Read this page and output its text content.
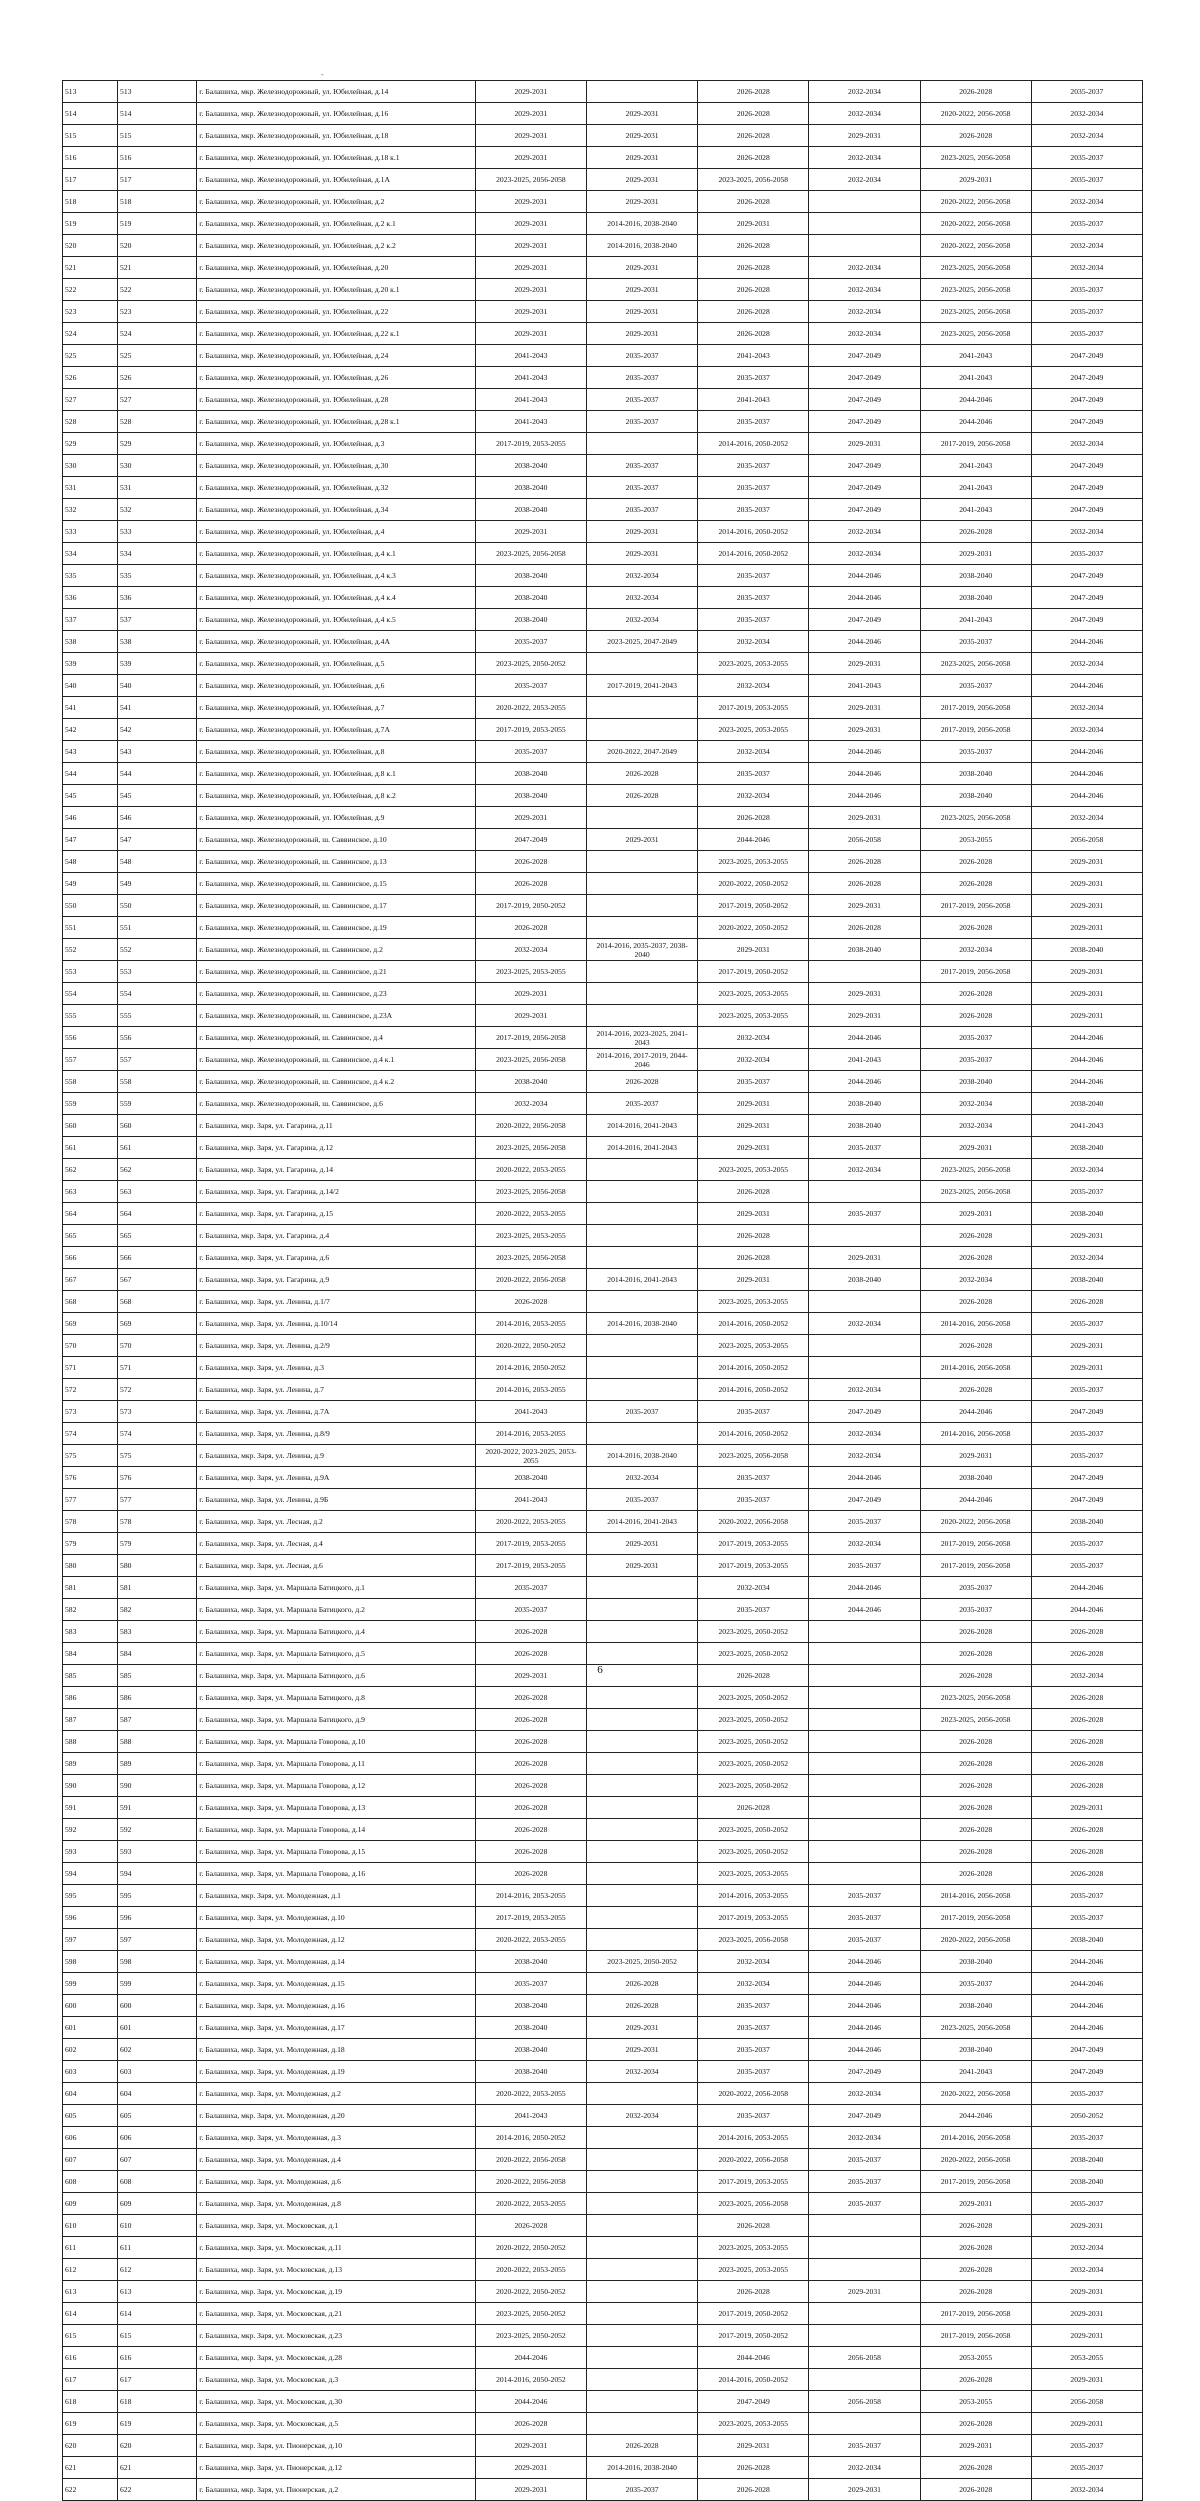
-
513	513	г. Балашиха, мкр. Железнодорожный, ул. Юбилейная, д.14	2029-2031		2026-2028	2032-2034	2026-2028	2035-2037
514	514	г. Балашиха, мкр. Железнодорожный, ул. Юбилейная, д.16	2029-2031	2029-2031	2026-2028	2032-2034	2020-2022, 2056-2058	2032-2034
515	515	г. Балашиха, мкр. Железнодорожный, ул. Юбилейная, д.18	2029-2031	2029-2031	2026-2028	2029-2031	2026-2028	2032-2034
516	516	г. Балашиха, мкр. Железнодорожный, ул. Юбилейная, д.18 к.1	2029-2031	2029-2031	2026-2028	2032-2034	2023-2025, 2056-2058	2035-2037
517	517	г. Балашиха, мкр. Железнодорожный, ул. Юбилейная, д.1А	2023-2025, 2056-2058	2029-2031	2023-2025, 2056-2058	2032-2034	2029-2031	2035-2037
518	518	г. Балашиха, мкр. Железнодорожный, ул. Юбилейная, д.2	2029-2031	2029-2031	2026-2028		2020-2022, 2056-2058	2032-2034
519	519	г. Балашиха, мкр. Железнодорожный, ул. Юбилейная, д.2 к.1	2029-2031	2014-2016, 2038-2040	2029-2031		2020-2022, 2056-2058	2035-2037
520	520	г. Балашиха, мкр. Железнодорожный, ул. Юбилейная, д.2 к.2	2029-2031	2014-2016, 2038-2040	2026-2028		2020-2022, 2056-2058	2032-2034
521	521	г. Балашиха, мкр. Железнодорожный, ул. Юбилейная, д.20	2029-2031	2029-2031	2026-2028	2032-2034	2023-2025, 2056-2058	2032-2034
522	522	г. Балашиха, мкр. Железнодорожный, ул. Юбилейная, д.20 к.1	2029-2031	2029-2031	2026-2028	2032-2034	2023-2025, 2056-2058	2035-2037
523	523	г. Балашиха, мкр. Железнодорожный, ул. Юбилейная, д.22	2029-2031	2029-2031	2026-2028	2032-2034	2023-2025, 2056-2058	2035-2037
524	524	г. Балашиха, мкр. Железнодорожный, ул. Юбилейная, д.22 к.1	2029-2031	2029-2031	2026-2028	2032-2034	2023-2025, 2056-2058	2035-2037
525	525	г. Балашиха, мкр. Железнодорожный, ул. Юбилейная, д.24	2041-2043	2035-2037	2041-2043	2047-2049	2041-2043	2047-2049
526	526	г. Балашиха, мкр. Железнодорожный, ул. Юбилейная, д.26	2041-2043	2035-2037	2035-2037	2047-2049	2041-2043	2047-2049
527	527	г. Балашиха, мкр. Железнодорожный, ул. Юбилейная, д.28	2041-2043	2035-2037	2041-2043	2047-2049	2044-2046	2047-2049
528	528	г. Балашиха, мкр. Железнодорожный, ул. Юбилейная, д.28 к.1	2041-2043	2035-2037	2035-2037	2047-2049	2044-2046	2047-2049
529	529	г. Балашиха, мкр. Железнодорожный, ул. Юбилейная, д.3	2017-2019, 2053-2055		2014-2016, 2050-2052	2029-2031	2017-2019, 2056-2058	2032-2034
530	530	г. Балашиха, мкр. Железнодорожный, ул. Юбилейная, д.30	2038-2040	2035-2037	2035-2037	2047-2049	2041-2043	2047-2049
531	531	г. Балашиха, мкр. Железнодорожный, ул. Юбилейная, д.32	2038-2040	2035-2037	2035-2037	2047-2049	2041-2043	2047-2049
532	532	г. Балашиха, мкр. Железнодорожный, ул. Юбилейная, д.34	2038-2040	2035-2037	2035-2037	2047-2049	2041-2043	2047-2049
533	533	г. Балашиха, мкр. Железнодорожный, ул. Юбилейная, д.4	2029-2031	2029-2031	2014-2016, 2050-2052	2032-2034	2026-2028	2032-2034
534	534	г. Балашиха, мкр. Железнодорожный, ул. Юбилейная, д.4 к.1	2023-2025, 2056-2058	2029-2031	2014-2016, 2050-2052	2032-2034	2029-2031	2035-2037
535	535	г. Балашиха, мкр. Железнодорожный, ул. Юбилейная, д.4 к.3	2038-2040	2032-2034	2035-2037	2044-2046	2038-2040	2047-2049
536	536	г. Балашиха, мкр. Железнодорожный, ул. Юбилейная, д.4 к.4	2038-2040	2032-2034	2035-2037	2044-2046	2038-2040	2047-2049
537	537	г. Балашиха, мкр. Железнодорожный, ул. Юбилейная, д.4 к.5	2038-2040	2032-2034	2035-2037	2047-2049	2041-2043	2047-2049
538	538	г. Балашиха, мкр. Железнодорожный, ул. Юбилейная, д.4А	2035-2037	2023-2025, 2047-2049	2032-2034	2044-2046	2035-2037	2044-2046
539	539	г. Балашиха, мкр. Железнодорожный, ул. Юбилейная, д.5	2023-2025, 2050-2052		2023-2025, 2053-2055	2029-2031	2023-2025, 2056-2058	2032-2034
540	540	г. Балашиха, мкр. Железнодорожный, ул. Юбилейная, д.6	2035-2037	2017-2019, 2041-2043	2032-2034	2041-2043	2035-2037	2044-2046
541	541	г. Балашиха, мкр. Железнодорожный, ул. Юбилейная, д.7	2020-2022, 2053-2055		2017-2019, 2053-2055	2029-2031	2017-2019, 2056-2058	2032-2034
542	542	г. Балашиха, мкр. Железнодорожный, ул. Юбилейная, д.7А	2017-2019, 2053-2055		2023-2025, 2053-2055	2029-2031	2017-2019, 2056-2058	2032-2034
543	543	г. Балашиха, мкр. Железнодорожный, ул. Юбилейная, д.8	2035-2037	2020-2022, 2047-2049	2032-2034	2044-2046	2035-2037	2044-2046
544	544	г. Балашиха, мкр. Железнодорожный, ул. Юбилейная, д.8 к.1	2038-2040	2026-2028	2035-2037	2044-2046	2038-2040	2044-2046
545	545	г. Балашиха, мкр. Железнодорожный, ул. Юбилейная, д.8 к.2	2038-2040	2026-2028	2032-2034	2044-2046	2038-2040	2044-2046
546	546	г. Балашиха, мкр. Железнодорожный, ул. Юбилейная, д.9	2029-2031		2026-2028	2029-2031	2023-2025, 2056-2058	2032-2034
547	547	г. Балашиха, мкр. Железнодорожный, ш. Саввинское, д.10	2047-2049	2029-2031	2044-2046	2056-2058	2053-2055	2056-2058
548	548	г. Балашиха, мкр. Железнодорожный, ш. Саввинское, д.13	2026-2028		2023-2025, 2053-2055	2026-2028	2026-2028	2029-2031
549	549	г. Балашиха, мкр. Железнодорожный, ш. Саввинское, д.15	2026-2028		2020-2022, 2050-2052	2026-2028	2026-2028	2029-2031
550	550	г. Балашиха, мкр. Железнодорожный, ш. Саввинское, д.17	2017-2019, 2050-2052		2017-2019, 2050-2052	2029-2031	2017-2019, 2056-2058	2029-2031
551	551	г. Балашиха, мкр. Железнодорожный, ш. Саввинское, д.19	2026-2028		2020-2022, 2050-2052	2026-2028	2026-2028	2029-2031
552	552	г. Балашиха, мкр. Железнодорожный, ш. Саввинское, д.2	2032-2034	2014-2016, 2035-2037, 2038-2040	2029-2031	2038-2040	2032-2034	2038-2040
553	553	г. Балашиха, мкр. Железнодорожный, ш. Саввинское, д.21	2023-2025, 2053-2055		2017-2019, 2050-2052		2017-2019, 2056-2058	2029-2031
554	554	г. Балашиха, мкр. Железнодорожный, ш. Саввинское, д.23	2029-2031		2023-2025, 2053-2055	2029-2031	2026-2028	2029-2031
555	555	г. Балашиха, мкр. Железнодорожный, ш. Саввинское, д.23А	2029-2031		2023-2025, 2053-2055	2029-2031	2026-2028	2029-2031
556	556	г. Балашиха, мкр. Железнодорожный, ш. Саввинское, д.4	2017-2019, 2056-2058	2014-2016, 2023-2025, 2041-2043	2032-2034	2044-2046	2035-2037	2044-2046
557	557	г. Балашиха, мкр. Железнодорожный, ш. Саввинское, д.4 к.1	2023-2025, 2056-2058	2014-2016, 2017-2019, 2044-2046	2032-2034	2041-2043	2035-2037	2044-2046
558	558	г. Балашиха, мкр. Железнодорожный, ш. Саввинское, д.4 к.2	2038-2040	2026-2028	2035-2037	2044-2046	2038-2040	2044-2046
559	559	г. Балашиха, мкр. Железнодорожный, ш. Саввинское, д.6	2032-2034	2035-2037	2029-2031	2038-2040	2032-2034	2038-2040
560	560	г. Балашиха, мкр. Заря, ул. Гагарина, д.11	2020-2022, 2056-2058	2014-2016, 2041-2043	2029-2031	2038-2040	2032-2034	2041-2043
561	561	г. Балашиха, мкр. Заря, ул. Гагарина, д.12	2023-2025, 2056-2058	2014-2016, 2041-2043	2029-2031	2035-2037	2029-2031	2038-2040
562	562	г. Балашиха, мкр. Заря, ул. Гагарина, д.14	2020-2022, 2053-2055		2023-2025, 2053-2055	2032-2034	2023-2025, 2056-2058	2032-2034
563	563	г. Балашиха, мкр. Заря, ул. Гагарина, д.14/2	2023-2025, 2056-2058		2026-2028		2023-2025, 2056-2058	2035-2037
564	564	г. Балашиха, мкр. Заря, ул. Гагарина, д.15	2020-2022, 2053-2055		2029-2031	2035-2037	2029-2031	2038-2040
565	565	г. Балашиха, мкр. Заря, ул. Гагарина, д.4	2023-2025, 2053-2055		2026-2028		2026-2028	2029-2031
566	566	г. Балашиха, мкр. Заря, ул. Гагарина, д.6	2023-2025, 2056-2058		2026-2028	2029-2031	2026-2028	2032-2034
567	567	г. Балашиха, мкр. Заря, ул. Гагарина, д.9	2020-2022, 2056-2058	2014-2016, 2041-2043	2029-2031	2038-2040	2032-2034	2038-2040
568	568	г. Балашиха, мкр. Заря, ул. Ленина, д.1/7	2026-2028		2023-2025, 2053-2055		2026-2028	2026-2028
569	569	г. Балашиха, мкр. Заря, ул. Ленина, д.10/14	2014-2016, 2053-2055	2014-2016, 2038-2040	2014-2016, 2050-2052	2032-2034	2014-2016, 2056-2058	2035-2037
570	570	г. Балашиха, мкр. Заря, ул. Ленина, д.2/9	2020-2022, 2050-2052		2023-2025, 2053-2055		2026-2028	2029-2031
571	571	г. Балашиха, мкр. Заря, ул. Ленина, д.3	2014-2016, 2050-2052		2014-2016, 2050-2052		2014-2016, 2056-2058	2029-2031
572	572	г. Балашиха, мкр. Заря, ул. Ленина, д.7	2014-2016, 2053-2055		2014-2016, 2050-2052	2032-2034	2026-2028	2035-2037
573	573	г. Балашиха, мкр. Заря, ул. Ленина, д.7А	2041-2043	2035-2037	2035-2037	2047-2049	2044-2046	2047-2049
574	574	г. Балашиха, мкр. Заря, ул. Ленина, д.8/9	2014-2016, 2053-2055		2014-2016, 2050-2052	2032-2034	2014-2016, 2056-2058	2035-2037
575	575	г. Балашиха, мкр. Заря, ул. Ленина, д.9	2020-2022, 2023-2025, 2053-2055	2014-2016, 2038-2040	2023-2025, 2056-2058	2032-2034	2029-2031	2035-2037
576	576	г. Балашиха, мкр. Заря, ул. Ленина, д.9А	2038-2040	2032-2034	2035-2037	2044-2046	2038-2040	2047-2049
577	577	г. Балашиха, мкр. Заря, ул. Ленина, д.9Б	2041-2043	2035-2037	2035-2037	2047-2049	2044-2046	2047-2049
578	578	г. Балашиха, мкр. Заря, ул. Лесная, д.2	2020-2022, 2053-2055	2014-2016, 2041-2043	2020-2022, 2056-2058	2035-2037	2020-2022, 2056-2058	2038-2040
579	579	г. Балашиха, мкр. Заря, ул. Лесная, д.4	2017-2019, 2053-2055	2029-2031	2017-2019, 2053-2055	2032-2034	2017-2019, 2056-2058	2035-2037
580	580	г. Балашиха, мкр. Заря, ул. Лесная, д.6	2017-2019, 2053-2055	2029-2031	2017-2019, 2053-2055	2035-2037	2017-2019, 2056-2058	2035-2037
581	581	г. Балашиха, мкр. Заря, ул. Маршала Батицкого, д.1	2035-2037		2032-2034	2044-2046	2035-2037	2044-2046
582	582	г. Балашиха, мкр. Заря, ул. Маршала Батицкого, д.2	2035-2037		2035-2037	2044-2046	2035-2037	2044-2046
583	583	г. Балашиха, мкр. Заря, ул. Маршала Батицкого, д.4	2026-2028		2023-2025, 2050-2052		2026-2028	2026-2028
584	584	г. Балашиха, мкр. Заря, ул. Маршала Батицкого, д.5	2026-2028		2023-2025, 2050-2052		2026-2028	2026-2028
585	585	г. Балашиха, мкр. Заря, ул. Маршала Батицкого, д.6	2029-2031		2026-2028		2026-2028	2032-2034
586	586	г. Балашиха, мкр. Заря, ул. Маршала Батицкого, д.8	2026-2028		2023-2025, 2050-2052		2023-2025, 2056-2058	2026-2028
587	587	г. Балашиха, мкр. Заря, ул. Маршала Батицкого, д.9	2026-2028		2023-2025, 2050-2052		2023-2025, 2056-2058	2026-2028
588	588	г. Балашиха, мкр. Заря, ул. Маршала Говорова, д.10	2026-2028		2023-2025, 2050-2052		2026-2028	2026-2028
589	589	г. Балашиха, мкр. Заря, ул. Маршала Говорова, д.11	2026-2028		2023-2025, 2050-2052		2026-2028	2026-2028
590	590	г. Балашиха, мкр. Заря, ул. Маршала Говорова, д.12	2026-2028		2023-2025, 2050-2052		2026-2028	2026-2028
591	591	г. Балашиха, мкр. Заря, ул. Маршала Говорова, д.13	2026-2028		2026-2028		2026-2028	2029-2031
592	592	г. Балашиха, мкр. Заря, ул. Маршала Говорова, д.14	2026-2028		2023-2025, 2050-2052		2026-2028	2026-2028
593	593	г. Балашиха, мкр. Заря, ул. Маршала Говорова, д.15	2026-2028		2023-2025, 2050-2052		2026-2028	2026-2028
594	594	г. Балашиха, мкр. Заря, ул. Маршала Говорова, д.16	2026-2028		2023-2025, 2053-2055		2026-2028	2026-2028
595	595	г. Балашиха, мкр. Заря, ул. Молодежная, д.1	2014-2016, 2053-2055		2014-2016, 2053-2055	2035-2037	2014-2016, 2056-2058	2035-2037
596	596	г. Балашиха, мкр. Заря, ул. Молодежная, д.10	2017-2019, 2053-2055		2017-2019, 2053-2055	2035-2037	2017-2019, 2056-2058	2035-2037
597	597	г. Балашиха, мкр. Заря, ул. Молодежная, д.12	2020-2022, 2053-2055		2023-2025, 2056-2058	2035-2037	2020-2022, 2056-2058	2038-2040
598	598	г. Балашиха, мкр. Заря, ул. Молодежная, д.14	2038-2040	2023-2025, 2050-2052	2032-2034	2044-2046	2038-2040	2044-2046
599	599	г. Балашиха, мкр. Заря, ул. Молодежная, д.15	2035-2037	2026-2028	2032-2034	2044-2046	2035-2037	2044-2046
600	600	г. Балашиха, мкр. Заря, ул. Молодежная, д.16	2038-2040	2026-2028	2035-2037	2044-2046	2038-2040	2044-2046
601	601	г. Балашиха, мкр. Заря, ул. Молодежная, д.17	2038-2040	2029-2031	2035-2037	2044-2046	2023-2025, 2056-2058	2044-2046
602	602	г. Балашиха, мкр. Заря, ул. Молодежная, д.18	2038-2040	2029-2031	2035-2037	2044-2046	2038-2040	2047-2049
603	603	г. Балашиха, мкр. Заря, ул. Молодежная, д.19	2038-2040	2032-2034	2035-2037	2047-2049	2041-2043	2047-2049
604	604	г. Балашиха, мкр. Заря, ул. Молодежная, д.2	2020-2022, 2053-2055		2020-2022, 2056-2058	2032-2034	2020-2022, 2056-2058	2035-2037
605	605	г. Балашиха, мкр. Заря, ул. Молодежная, д.20	2041-2043	2032-2034	2035-2037	2047-2049	2044-2046	2050-2052
606	606	г. Балашиха, мкр. Заря, ул. Молодежная, д.3	2014-2016, 2050-2052		2014-2016, 2053-2055	2032-2034	2014-2016, 2056-2058	2035-2037
607	607	г. Балашиха, мкр. Заря, ул. Молодежная, д.4	2020-2022, 2056-2058		2020-2022, 2056-2058	2035-2037	2020-2022, 2056-2058	2038-2040
608	608	г. Балашиха, мкр. Заря, ул. Молодежная, д.6	2020-2022, 2056-2058		2017-2019, 2053-2055	2035-2037	2017-2019, 2056-2058	2038-2040
609	609	г. Балашиха, мкр. Заря, ул. Молодежная, д.8	2020-2022, 2053-2055		2023-2025, 2056-2058	2035-2037	2029-2031	2035-2037
610	610	г. Балашиха, мкр. Заря, ул. Московская, д.1	2026-2028		2026-2028		2026-2028	2029-2031
611	611	г. Балашиха, мкр. Заря, ул. Московская, д.11	2020-2022, 2050-2052		2023-2025, 2053-2055		2026-2028	2032-2034
612	612	г. Балашиха, мкр. Заря, ул. Московская, д.13	2020-2022, 2053-2055		2023-2025, 2053-2055		2026-2028	2032-2034
613	613	г. Балашиха, мкр. Заря, ул. Московская, д.19	2020-2022, 2050-2052		2026-2028	2029-2031	2026-2028	2029-2031
614	614	г. Балашиха, мкр. Заря, ул. Московская, д.21	2023-2025, 2050-2052		2017-2019, 2050-2052		2017-2019, 2056-2058	2029-2031
615	615	г. Балашиха, мкр. Заря, ул. Московская, д.23	2023-2025, 2050-2052		2017-2019, 2050-2052		2017-2019, 2056-2058	2029-2031
616	616	г. Балашиха, мкр. Заря, ул. Московская, д.28	2044-2046		2044-2046	2056-2058	2053-2055	2053-2055
617	617	г. Балашиха, мкр. Заря, ул. Московская, д.3	2014-2016, 2050-2052		2014-2016, 2050-2052		2026-2028	2029-2031
618	618	г. Балашиха, мкр. Заря, ул. Московская, д.30	2044-2046		2047-2049	2056-2058	2053-2055	2056-2058
619	619	г. Балашиха, мкр. Заря, ул. Московская, д.5	2026-2028		2023-2025, 2053-2055		2026-2028	2029-2031
620	620	г. Балашиха, мкр. Заря, ул. Пионерская, д.10	2029-2031	2026-2028	2029-2031	2035-2037	2029-2031	2035-2037
621	621	г. Балашиха, мкр. Заря, ул. Пионерская, д.12	2029-2031	2014-2016, 2038-2040	2026-2028	2032-2034	2026-2028	2035-2037
622	622	г. Балашиха, мкр. Заря, ул. Пионерская, д.2	2029-2031	2035-2037	2026-2028	2029-2031	2026-2028	2032-2034
6
